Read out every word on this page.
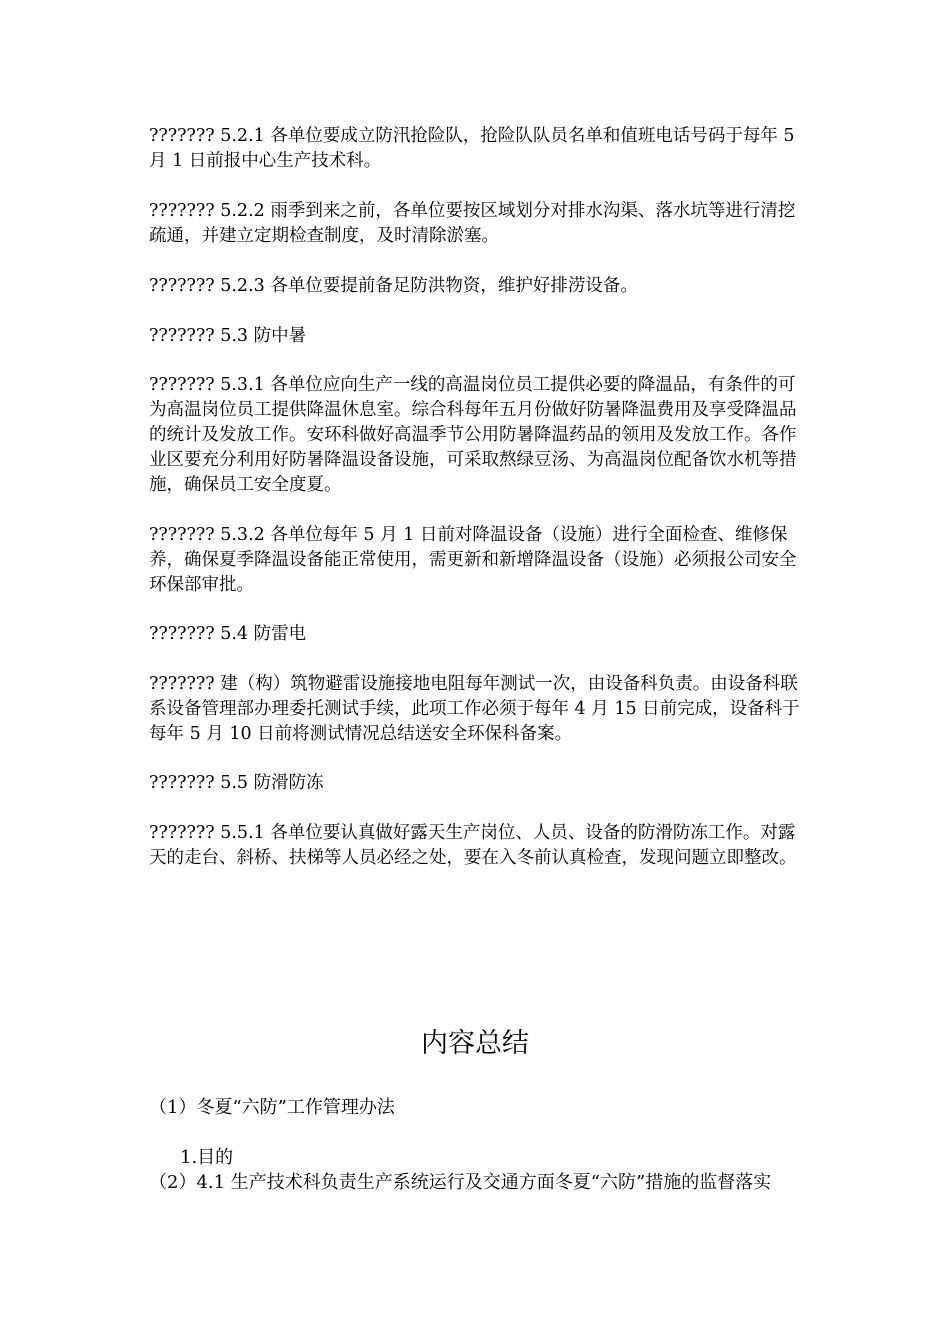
??????? 5.2.1 各单位要成立防汛抢险队，抢险队队员名单和值班电话号码于每年 5 月 1 日前报中心生产技术科。

??????? 5.2.2 雨季到来之前，各单位要按区域划分对排水沟渠、落水坑等进行清挖疏通，并建立定期检查制度，及时清除淤塞。

??????? 5.2.3 各单位要提前备足防洪物资，维护好排涝设备。

??????? 5.3 防中暑

??????? 5.3.1 各单位应向生产一线的高温岗位员工提供必要的降温品，有条件的可为高温岗位员工提供降温休息室。综合科每年五月份做好防暑降温费用及享受降温品的统计及发放工作。安环科做好高温季节公用防暑降温药品的领用及发放工作。各作业区要充分利用好防暑降温设备设施，可采取熬绿豆汤、为高温岗位配备饮水机等措施，确保员工安全度夏。

??????? 5.3.2 各单位每年 5 月 1 日前对降温设备（设施）进行全面检查、维修保养，确保夏季降温设备能正常使用，需更新和新增降温设备（设施）必须报公司安全环保部审批。

??????? 5.4 防雷电

??????? 建（构）筑物避雷设施接地电阻每年测试一次，由设备科负责。由设备科联系设备管理部办理委托测试手续，此项工作必须于每年 4 月 15 日前完成，设备科于每年 5 月 10 日前将测试情况总结送安全环保科备案。

??????? 5.5 防滑防冻

??????? 5.5.1 各单位要认真做好露天生产岗位、人员、设备的防滑防冻工作。对露天的走台、斜桥、扶梯等人员必经之处，要在入冬前认真检查，发现问题立即整改。

内容总结

（1）冬夏“六防”工作管理办法

1.目的

（2）4.1 生产技术科负责生产系统运行及交通方面冬夏“六防”措施的监督落实
